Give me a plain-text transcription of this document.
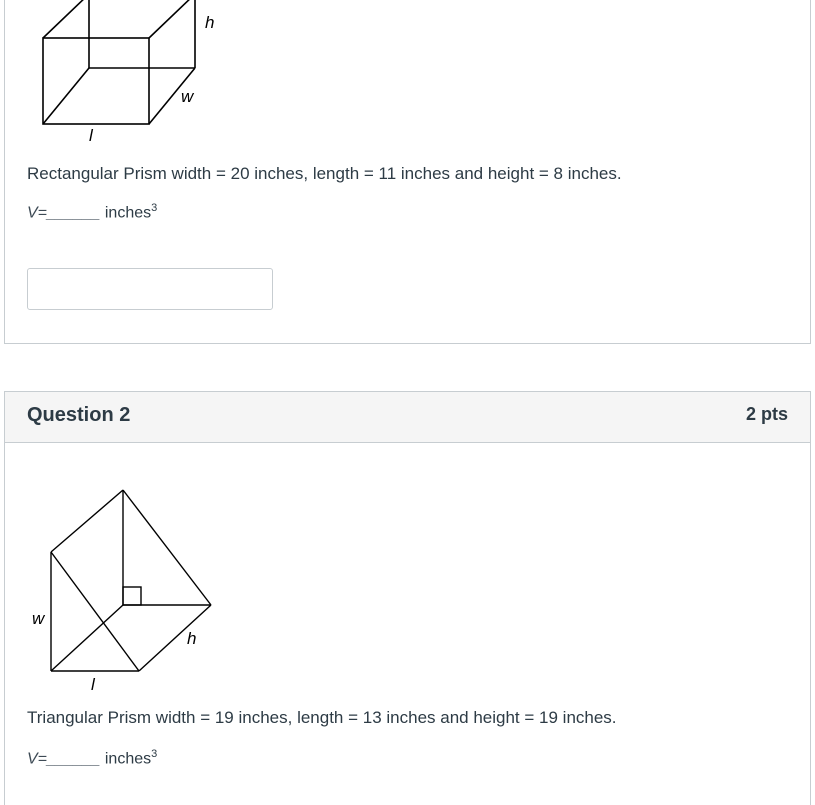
h
w
l
Rectangular Prism width = 20 inches, length = 11 inches and height = 8 inches.
V=______ inches$^3$
Question 2	2 pts
w
h
l
Triangular Prism width = 19 inches, length = 13 inches and height = 19 inches.
V=______ inches$^3$
